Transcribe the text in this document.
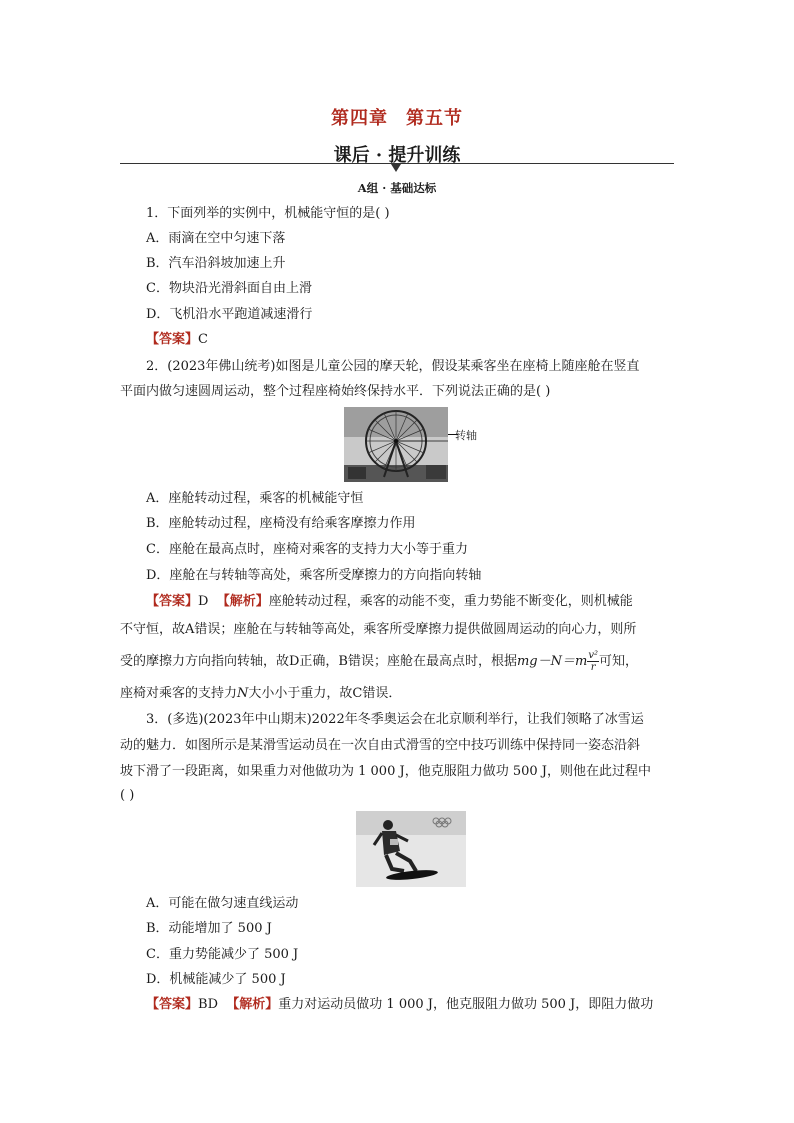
第四章 第五节
课后 · 提升训练
A组 · 基础达标
1．下面列举的实例中，机械能守恒的是( )
A．雨滴在空中匀速下落
B．汽车沿斜坡加速上升
C．物块沿光滑斜面自由上滑
D．飞机沿水平跑道减速滑行
【答案】C
2．(2023年佛山统考)如图是儿童公园的摩天轮，假设某乘客坐在座椅上随座舱在竖直
平面内做匀速圆周运动，整个过程座椅始终保持水平．下列说法正确的是( )
转轴
A．座舱转动过程，乘客的机械能守恒
B．座舱转动过程，座椅没有给乘客摩擦力作用
C．座舱在最高点时，座椅对乘客的支持力大小等于重力
D．座舱在与转轴等高处，乘客所受摩擦力的方向指向转轴
【答案】D 【解析】座舱转动过程，乘客的动能不变，重力势能不断变化，则机械能
不守恒，故A错误；座舱在与转轴等高处，乘客所受摩擦力提供做圆周运动的向心力，则所
受的摩擦力方向指向转轴，故D正确，B错误；座舱在最高点时，根据$mg-N=m \frac{\text{v²}}{r}$ 可知，
座椅对乘客的支持力N大小小于重力，故C错误．
3．(多选)(2023年中山期末)2022年冬季奥运会在北京顺利举行，让我们领略了冰雪运
动的魅力．如图所示是某滑雪运动员在一次自由式滑雪的空中技巧训练中保持同一姿态沿斜
坡下滑了一段距离，如果重力对他做功为 1 000 J，他克服阻力做功 500 J，则他在此过程中
( )
A．可能在做匀速直线运动
B．动能增加了 500 J
C．重力势能减少了 500 J
D．机械能减少了 500 J
【答案】BD 【解析】重力对运动员做功 1 000 J，他克服阻力做功 500 J，即阻力做功
